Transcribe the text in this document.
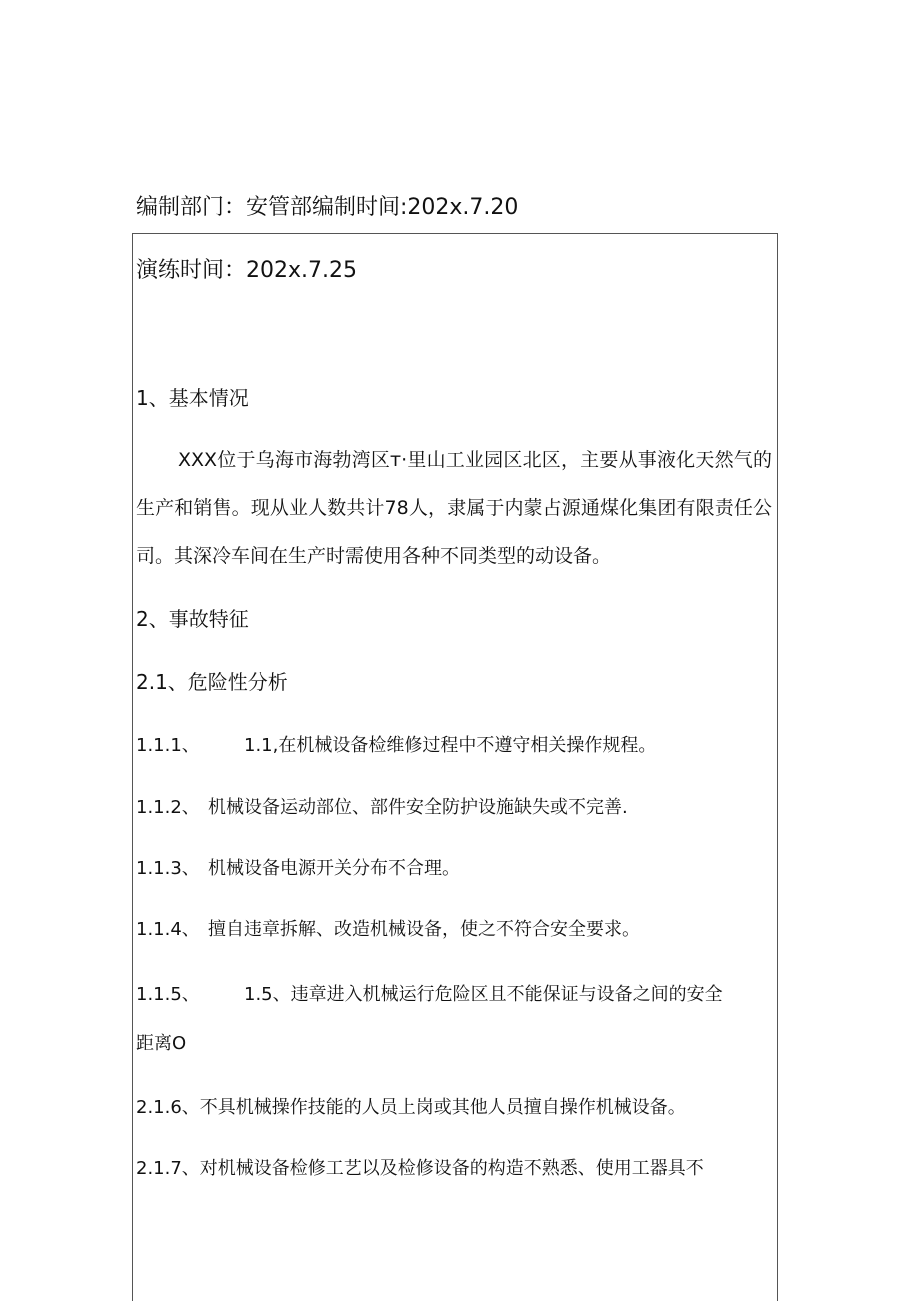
编制部门：安管部编制时间:202x.7.20
演练时间：202x.7.25
1、基本情况
XXX位于乌海市海勃湾区т·里山工业园区北区，主要从事液化天然气的生产和销售。现从业人数共计78人，隶属于内蒙占源通煤化集团有限责任公司。其深冷车间在生产时需使用各种不同类型的动设备。
2、事故特征
2.1、危险性分析
1.1.1、 1.1,在机械设备检维修过程中不遵守相关操作规程。
1.1.2、 机械设备运动部位、部件安全防护设施缺失或不完善.
1.1.3、 机械设备电源开关分布不合理。
1.1.4、 擅自违章拆解、改造机械设备，使之不符合安全要求。
1.1.5、 1.5、违章进入机械运行危险区且不能保证与设备之间的安全
距离O
2.1.6、不具机械操作技能的人员上岗或其他人员擅自操作机械设备。
2.1.7、对机械设备检修工艺以及检修设备的构造不熟悉、使用工器具不
